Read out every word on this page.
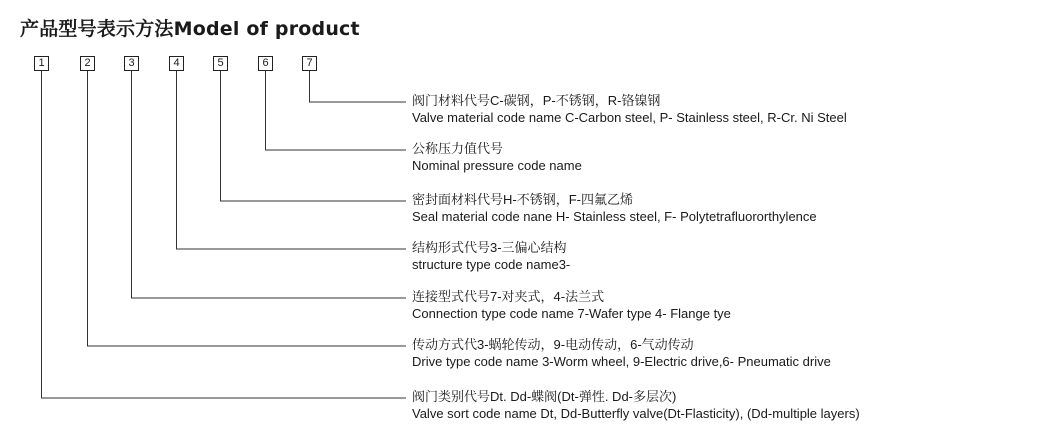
产品型号表示方法Model of product
1	2	3	4	5	6	7
阀门材料代号C-碳钢，P-不锈钢，R-铬镍钢
Valve material code name C-Carbon steel, P- Stainless steel, R-Cr. Ni Steel
公称压力值代号
Nominal pressure code name
密封面材料代号H-不锈钢，F-四氟乙烯
Seal material code nane H- Stainless steel, F- Polytetrafluororthylence
结构形式代号3-三偏心结构
structure type code name3-
连接型式代号7-对夹式，4-法兰式
Connection type code name 7-Wafer type 4- Flange tye
传动方式代3-蜗轮传动，9-电动传动，6-气动传动
Drive type code name 3-Worm wheel, 9-Electric drive,6- Pneumatic drive
阀门类别代号Dt. Dd-蝶阀(Dt-弹性. Dd-多层次)
Valve sort code name Dt, Dd-Butterfly valve(Dt-Flasticity), (Dd-multiple layers)
